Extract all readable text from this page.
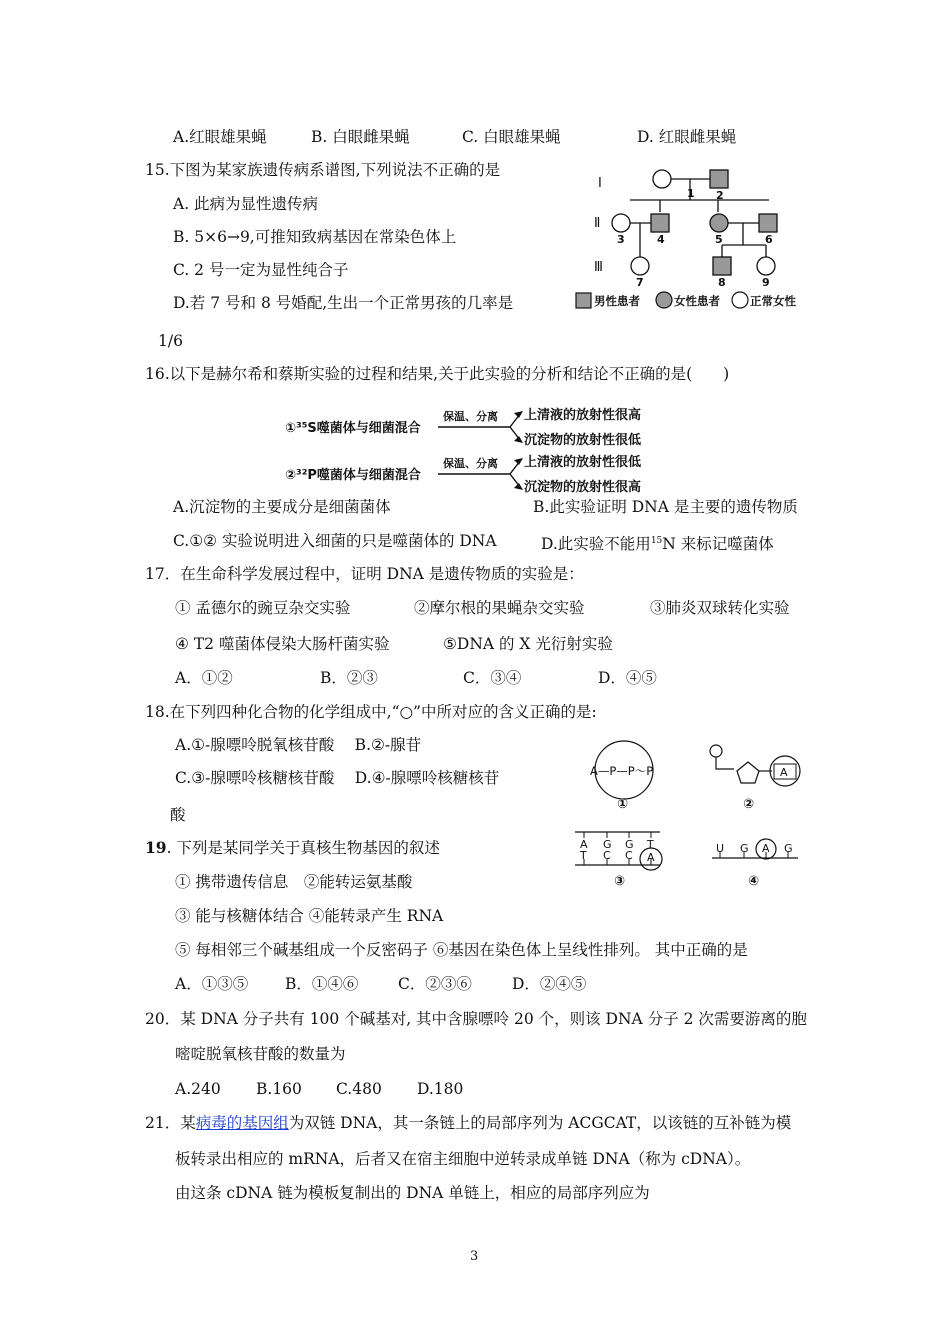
A.红眼雄果蝇	B. 白眼雌果蝇	C. 白眼雄果蝇	D. 红眼雌果蝇
15.下图为某家族遗传病系谱图,下列说法不正确的是
A. 此病为显性遗传病
B. 5×6→9,可推知致病基因在常染色体上
C. 2 号一定为显性纯合子
D.若 7 号和 8 号婚配,生出一个正常男孩的几率是
1/6
I
Ⅱ
Ⅲ
1 2
3	4	5	6
7	8	9
男性患者	女性患者	正常女性
16.以下是赫尔希和蔡斯实验的过程和结果,关于此实验的分析和结论不正确的是(　　)
①³⁵S噬菌体与细菌混合
②³²P噬菌体与细菌混合
保温、分离
保温、分离
上清液的放射性很高
沉淀物的放射性很低
上清液的放射性很低
沉淀物的放射性很高
A.沉淀物的主要成分是细菌菌体	B.此实验证明 DNA 是主要的遗传物质
C.①② 实验说明进入细菌的只是噬菌体的 DNA	D.此实验不能用$^{15}$N 来标记噬菌体
17．在生命科学发展过程中，证明 DNA 是遗传物质的实验是：
① 孟德尔的豌豆杂交实验	②摩尔根的果蝇杂交实验	③肺炎双球转化实验
④ T2 噬菌体侵染大肠杆菌实验	⑤DNA 的 X 光衍射实验
A．①②	B．②③	C．③④	D．④⑤
18.在下列四种化合物的化学组成中,“○”中所对应的含义正确的是:
A.①-腺嘌呤脱氧核苷酸　 B.②-腺苷
C.③-腺嘌呤核糖核苷酸　 D.④-腺嘌呤核糖核苷
酸
A—P—P～P
①
A
②
A G G T
T C C A
③
U G A G
④
19. 下列是某同学关于真核生物基因的叙述
① 携带遗传信息　②能转运氨基酸
③ 能与核糖体结合 ④能转录产生 RNA
⑤ 每相邻三个碱基组成一个反密码子 ⑥基因在染色体上呈线性排列。 其中正确的是
A．①③⑤ B．①④⑥	C．②③⑥	D．②④⑤
20．某 DNA 分子共有 100 个碱基对, 其中含腺嘌呤 20 个，则该 DNA 分子 2 次需要游离的胞
嘧啶脱氧核苷酸的数量为
A.240 B.160 C.480 D.180
21．某病毒的基因组为双链 DNA，其一条链上的局部序列为 ACGCAT，以该链的互补链为模
板转录出相应的 mRNA，后者又在宿主细胞中逆转录成单链 DNA（称为 cDNA）。
由这条 cDNA 链为模板复制出的 DNA 单链上，相应的局部序列应为
3
